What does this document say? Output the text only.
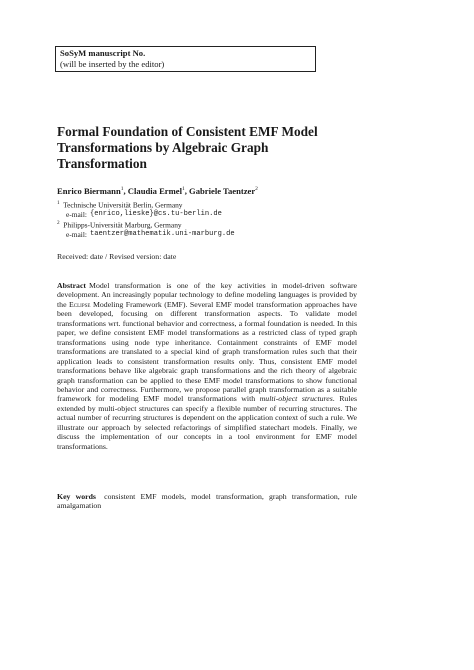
SoSyM manuscript No.
(will be inserted by the editor)
Formal Foundation of Consistent EMF Model Transformations by Algebraic Graph Transformation
Enrico Biermann$^1$, Claudia Ermel$^1$, Gabriele Taentzer$^2$
$^1$ Technische Universität Berlin, Germany
e-mail: {enrico,lieske}@cs.tu-berlin.de
$^2$ Philipps-Universität Marburg, Germany
e-mail: taentzer@mathematik.uni-marburg.de
Received: date / Revised version: date

Abstract Model transformation is one of the key activities in model-driven software development. An increasingly popular technology to define modeling languages is provided by the Eclipse Modeling Framework (EMF). Several EMF model transformation approaches have been developed, focusing on different transformation aspects. To validate model transformations wrt. functional behavior and correctness, a formal foundation is needed. In this paper, we define consistent EMF model transformations as a restricted class of typed graph transformations using node type inheritance. Containment constraints of EMF model transformations are translated to a special kind of graph transformation rules such that their application leads to consistent transformation results only. Thus, consistent EMF model transformations behave like algebraic graph transformations and the rich theory of algebraic graph transformation can be applied to these EMF model transformations to show functional behavior and correctness. Furthermore, we propose parallel graph transformation as a suitable framework for modeling EMF model transformations with multi-object structures. Rules extended by multi-object structures can specify a flexible number of recurring structures. The actual number of recurring structures is dependent on the application context of such a rule. We illustrate our approach by selected refactorings of simplified statechart models. Finally, we discuss the implementation of our concepts in a tool environment for EMF model transformations.

Key words consistent EMF models, model transformation, graph transformation, rule amalgamation
